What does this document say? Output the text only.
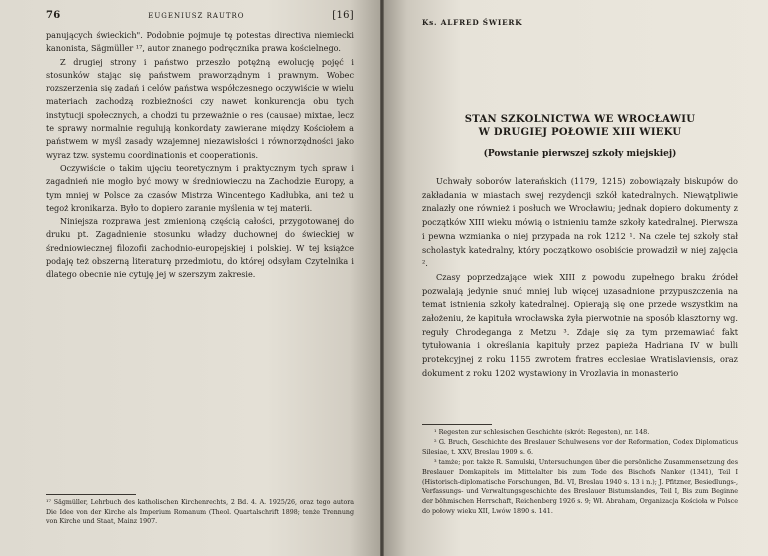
76	EUGENIUSZ RAUTRO	[16]

panujących świeckich". Podobnie pojmuje tę potestas directiva niemiecki kanonista, Sägmüller ¹⁷, autor znanego podręcznika prawa kościelnego.

Z drugiej strony i państwo przeszło potężną ewolucję pojęć i stosunków stając się państwem praworządnym i prawnym. Wobec rozszerzenia się zadań i celów państwa współczesnego oczywiście w wielu materiach zachodzą rozbieżności czy nawet konkurencja obu tych instytucji społecznych, a chodzi tu przeważnie o res (causae) mixtae, lecz te sprawy normalnie regulują konkordaty zawierane między Kościołem a państwem w myśl zasady wzajemnej niezawisłości i równorzędności jako wyraz tzw. systemu coordinationis et cooperationis.

Oczywiście o takim ujęciu teoretycznym i praktycznym tych spraw i zagadnień nie mogło być mowy w średniowieczu na Zachodzie Europy, a tym mniej w Polsce za czasów Mistrza Wincentego Kadłubka, ani też u tegoż kronikarza. Było to dopiero zaranie myślenia w tej materii.

Niniejsza rozprawa jest zmienioną częścią całości, przygotowanej do druku pt. Zagadnienie stosunku władzy duchownej do świeckiej w średniowiecznej filozofii zachodnio-europejskiej i polskiej. W tej książce podaję też obszerną literaturę przedmiotu, do której odsyłam Czytelnika i dlatego obecnie nie cytuję jej w szerszym zakresie.

¹⁷ Sägmüller, Lehrbuch des katholischen Kirchenrechts, 2 Bd. 4. A. 1925/26, oraz tego autora Die Idee von der Kirche als Imperium Romanum (Theol. Quartalschrift 1898; tenże Trennung von Kirche und Staat, Mainz 1907.

Ks. ALFRED ŚWIERK
STAN SZKOLNICTWA WE WROCŁAWIU
W DRUGIEJ POŁOWIE XIII WIEKU
(Powstanie pierwszej szkoły miejskiej)

Uchwały soborów laterańskich (1179, 1215) zobowiązały biskupów do zakładania w miastach swej rezydencji szkół katedralnych. Niewątpliwie znalazły one również i posłuch we Wrocławiu; jednak dopiero dokumenty z początków XIII wieku mówią o istnieniu tamże szkoły katedralnej. Pierwsza i pewna wzmianka o niej przypada na rok 1212 ¹. Na czele tej szkoły stał scholastyk katedralny, który początkowo osobiście prowadził w niej zajęcia ².

Czasy poprzedzające wiek XIII z powodu zupełnego braku źródeł pozwalają jedynie snuć mniej lub więcej uzasadnione przypuszczenia na temat istnienia szkoły katedralnej. Opierają się one przede wszystkim na założeniu, że kapituła wrocławska żyła pierwotnie na sposób klasztorny wg. reguły Chrodeganga z Metzu ³. Zdaje się za tym przemawiać fakt tytułowania i określania kapituły przez papieża Hadriana IV w bulli protekcyjnej z roku 1155 zwrotem fratres ecclesiae Wratislaviensis, oraz dokument z roku 1202 wystawiony in Vrozlavia in monasterio

¹ Regesten zur schlesischen Geschichte (skrót: Regesten), nr. 148.

² G. Bruch, Geschichte des Breslauer Schulwesens vor der Reformation, Codex Diplomaticus Silesiae, t. XXV, Breslau 1909 s. 6.

³ tamże; por. także R. Samulski, Untersuchungen über die persönliche Zusammensetzung des Breslauer Domkapitels im Mittelalter bis zum Tode des Bischofs Nanker (1341), Teil I (Historisch-diplomatische Forschungen, Bd. VI, Breslau 1940 s. 13 i n.); J. Pfitzner, Besiedlungs-, Verfassungs- und Verwaltungsgeschichte des Breslauer Bistumslandes, Teil I, Bis zum Beginne der böhmischen Herrschaft, Reichenberg 1926 s. 9; Wł. Abraham, Organizacja Kościoła w Polsce do połowy wieku XII, Lwów 1890 s. 141.
